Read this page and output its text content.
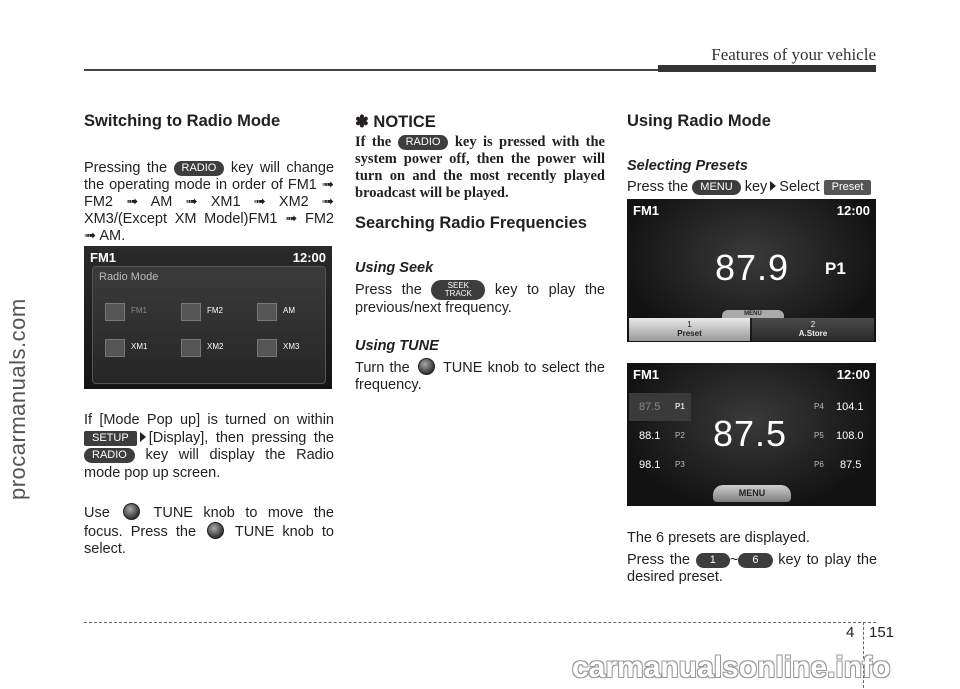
procarmanuals.com
Features of your vehicle
Switching to Radio Mode
Pressing the RADIO key will change the operating mode in order of FM1 ➟ FM2 ➟ AM ➟ XM1 ➟ XM2 ➟ XM3/(Except XM Model)FM1 ➟ FM2 ➟ AM.
FM1	12:00
Radio Mode
FM1	FM2	AM
XM1	XM2	XM3
If [Mode Pop up] is turned on within SETUP [Display], then pressing the RADIO key will display the Radio mode pop up screen.
Use	TUNE knob to move the focus. Press the	TUNE knob to select.
✽ NOTICE
If the RADIO key is pressed with the system power off, then the power will turn on and the most recently played broadcast will be played.
Searching Radio Frequencies
Using Seek
Press the	SEEK TRACK key to play the previous/next frequency.
Using TUNE
Turn the TUNE knob to select the frequency.
Using Radio Mode
Selecting Presets
Press the MENU key Select Preset
FM1	12:00
87.9 P1
MENU
1
Preset
2
A.Store
FM1	12:00
87.5
87.5 P1
88.1 P2
98.1 P3
P4 104.1
P5 108.0
P6 87.5
MENU
The 6 presets are displayed.
Press the 1 ~ 6 key to play the desired preset.
4 151
carmanualsonline.info
